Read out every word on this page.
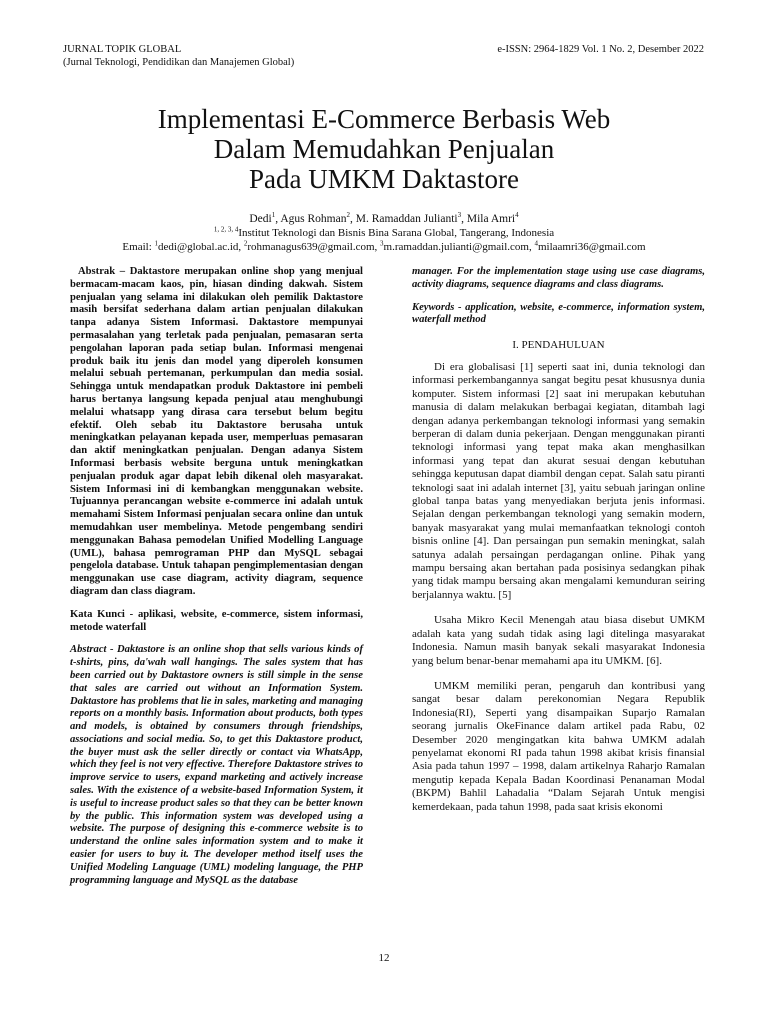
JURNAL TOPIK GLOBAL
(Jurnal Teknologi, Pendidikan dan Manajemen Global)
e-ISSN: 2964-1829 Vol. 1 No. 2, Desember 2022
Implementasi E-Commerce Berbasis Web
Dalam Memudahkan Penjualan
Pada UMKM Daktastore
Dedi$^1$, Agus Rohman$^2$, M. Ramaddan Julianti$^3$, Mila Amri$^4$
$^{1, 2, 3, 4}$Institut Teknologi dan Bisnis Bina Sarana Global, Tangerang, Indonesia
Email: $^1$dedi@global.ac.id, $^2$rohmanagus639@gmail.com, $^3$m.ramaddan.julianti@gmail.com, $^4$milaamri36@gmail.com

Abstrak – Daktastore merupakan online shop yang menjual bermacam-macam kaos, pin, hiasan dinding dakwah. Sistem penjualan yang selama ini dilakukan oleh pemilik Daktastore masih bersifat sederhana dalam artian penjualan dilakukan tanpa adanya Sistem Informasi. Daktastore mempunyai permasalahan yang terletak pada penjualan, pemasaran serta pengolahan laporan pada setiap bulan. Informasi mengenai produk baik itu jenis dan model yang diperoleh konsumen melalui sebuah pertemanan, perkumpulan dan media sosial. Sehingga untuk mendapatkan produk Daktastore ini pembeli harus bertanya langsung kepada penjual atau menghubungi melalui whatsapp yang dirasa cara tersebut belum begitu efektif. Oleh sebab itu Daktastore berusaha untuk meningkatkan pelayanan kepada user, memperluas pemasaran dan aktif meningkatkan penjualan. Dengan adanya Sistem Informasi berbasis website berguna untuk meningkatkan penjualan produk agar dapat lebih dikenal oleh masyarakat. Sistem Informasi ini di kembangkan menggunakan website. Tujuannya perancangan website e-commerce ini adalah untuk memahami Sistem Informasi penjualan secara online dan untuk memudahkan user membelinya. Metode pengembang sendiri menggunakan Bahasa pemodelan Unified Modelling Language (UML), bahasa pemrograman PHP dan MySQL sebagai pengelola database. Untuk tahapan pengimplementasian dengan menggunakan use case diagram, activity diagram, sequence diagram dan class diagram.

Kata Kunci - aplikasi, website, e-commerce, sistem informasi, metode waterfall

Abstract - Daktastore is an online shop that sells various kinds of t-shirts, pins, da'wah wall hangings. The sales system that has been carried out by Daktastore owners is still simple in the sense that sales are carried out without an Information System. Daktastore has problems that lie in sales, marketing and managing reports on a monthly basis. Information about products, both types and models, is obtained by consumers through friendships, associations and social media. So, to get this Daktastore product, the buyer must ask the seller directly or contact via WhatsApp, which they feel is not very effective. Therefore Daktastore strives to improve service to users, expand marketing and actively increase sales. With the existence of a website-based Information System, it is useful to increase product sales so that they can be better known by the public. This information system was developed using a website. The purpose of designing this e-commerce website is to understand the online sales information system and to make it easier for users to buy it. The developer method itself uses the Unified Modeling Language (UML) modeling language, the PHP programming language and MySQL as the database

manager. For the implementation stage using use case diagrams, activity diagrams, sequence diagrams and class diagrams.

Keywords - application, website, e-commerce, information system, waterfall method

I. PENDAHULUAN

Di era globalisasi [1] seperti saat ini, dunia teknologi dan informasi perkembangannya sangat begitu pesat khususnya dunia komputer. Sistem informasi [2] saat ini merupakan kebutuhan manusia di dalam melakukan berbagai kegiatan, ditambah lagi dengan adanya perkembangan teknologi informasi yang semakin berperan di dalam dunia pekerjaan. Dengan menggunakan piranti teknologi informasi yang tepat maka akan menghasilkan informasi yang tepat dan akurat sesuai dengan kebutuhan sehingga keputusan dapat diambil dengan cepat. Salah satu piranti teknologi saat ini adalah internet [3], yaitu sebuah jaringan online global tanpa batas yang menyediakan berjuta jenis informasi. Sejalan dengan perkembangan teknologi yang semakin modern, banyak masyarakat yang mulai memanfaatkan teknologi contoh bisnis online [4]. Dan persaingan pun semakin meningkat, salah satunya adalah persaingan perdagangan online. Pihak yang mampu bersaing akan bertahan pada posisinya sedangkan pihak yang tidak mampu bersaing akan mengalami kemunduran seiring berjalannya waktu. [5]

Usaha Mikro Kecil Menengah atau biasa disebut UMKM adalah kata yang sudah tidak asing lagi ditelinga masyarakat Indonesia. Namun masih banyak sekali masyarakat Indonesia yang belum benar-benar memahami apa itu UMKM. [6].

UMKM memiliki peran, pengaruh dan kontribusi yang sangat besar dalam perekonomian Negara Republik Indonesia(RI), Seperti yang disampaikan Suparjo Ramalan seorang jurnalis OkeFinance dalam artikel pada Rabu, 02 Desember 2020 mengingatkan kita bahwa UMKM adalah penyelamat ekonomi RI pada tahun 1998 akibat krisis finansial Asia pada tahun 1997 – 1998, dalam artikelnya Raharjo Ramalan mengutip kepada Kepala Badan Koordinasi Penanaman Modal (BKPM) Bahlil Lahadalia “Dalam Sejarah Untuk mengisi kemerdekaan, pada tahun 1998, pada saat krisis ekonomi

12
